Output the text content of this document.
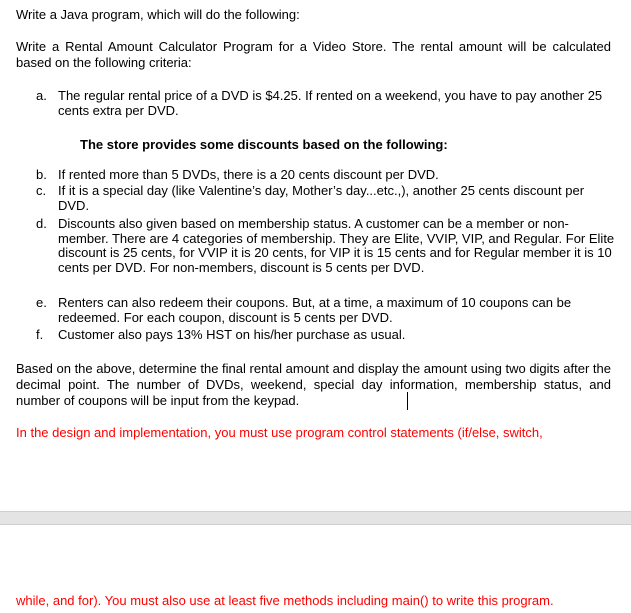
Write a Java program, which will do the following:
Write a Rental Amount Calculator Program for a Video Store. The rental amount will be calculated based on the following criteria:
a. The regular rental price of a DVD is $4.25. If rented on a weekend, you have to pay another 25 cents extra per DVD.
The store provides some discounts based on the following:
b. If rented more than 5 DVDs, there is a 20 cents discount per DVD.
c. If it is a special day (like Valentine’s day, Mother’s day...etc.,), another 25 cents discount per DVD.
d. Discounts also given based on membership status. A customer can be a member or non-member. There are 4 categories of membership. They are Elite, VVIP, VIP, and Regular. For Elite discount is 25 cents, for VVIP it is 20 cents, for VIP it is 15 cents and for Regular member it is 10 cents per DVD. For non-members, discount is 5 cents per DVD.
e. Renters can also redeem their coupons. But, at a time, a maximum of 10 coupons can be redeemed. For each coupon, discount is 5 cents per DVD.
f. Customer also pays 13% HST on his/her purchase as usual.
Based on the above, determine the final rental amount and display the amount using two digits after the decimal point. The number of DVDs, weekend, special day information, membership status, and number of coupons will be input from the keypad.
In the design and implementation, you must use program control statements (if/else, switch,
while, and for). You must also use at least five methods including main() to write this program.
